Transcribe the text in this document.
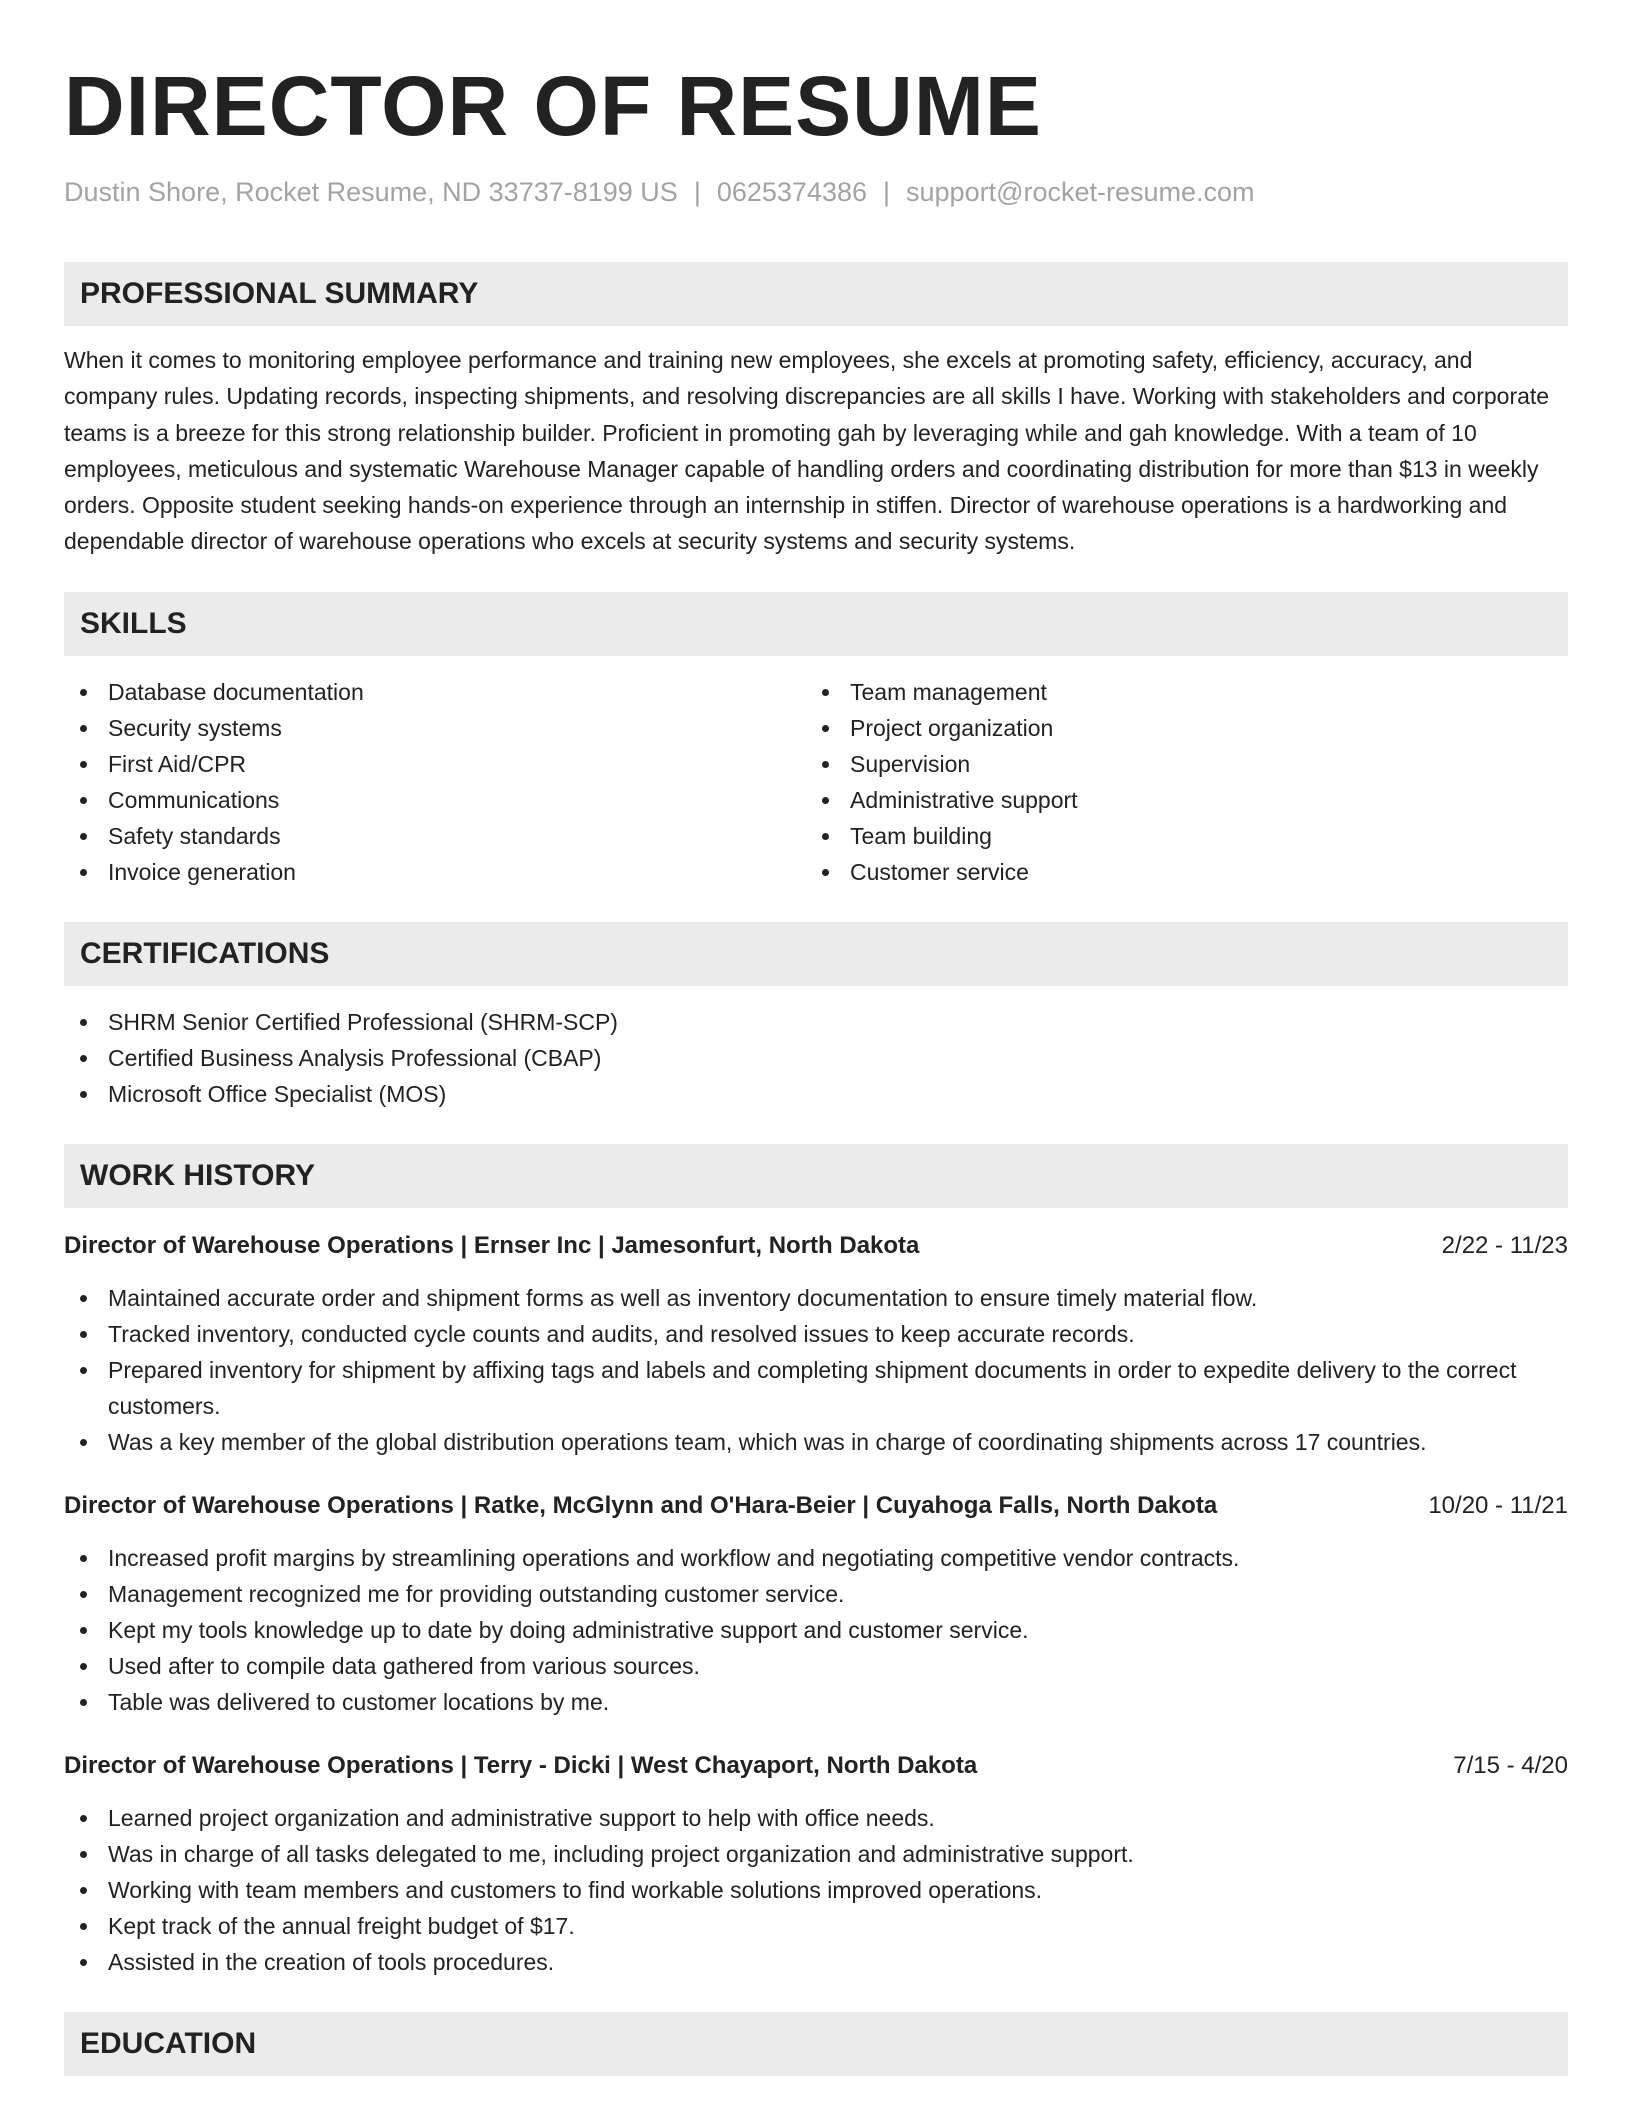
DIRECTOR OF RESUME
Dustin Shore, Rocket Resume, ND 33737-8199 US | 0625374386 | support@rocket-resume.com
PROFESSIONAL SUMMARY

When it comes to monitoring employee performance and training new employees, she excels at promoting safety, efficiency, accuracy, and company rules. Updating records, inspecting shipments, and resolving discrepancies are all skills I have. Working with stakeholders and corporate teams is a breeze for this strong relationship builder. Proficient in promoting gah by leveraging while and gah knowledge. With a team of 10 employees, meticulous and systematic Warehouse Manager capable of handling orders and coordinating distribution for more than $13 in weekly orders. Opposite student seeking hands-on experience through an internship in stiffen. Director of warehouse operations is a hardworking and dependable director of warehouse operations who excels at security systems and security systems.

SKILLS
Database documentation
Security systems
First Aid/CPR
Communications
Safety standards
Invoice generation
Team management
Project organization
Supervision
Administrative support
Team building
Customer service
CERTIFICATIONS
SHRM Senior Certified Professional (SHRM-SCP)
Certified Business Analysis Professional (CBAP)
Microsoft Office Specialist (MOS)
WORK HISTORY
Director of Warehouse Operations | Ernser Inc | Jamesonfurt, North Dakota	2/22 - 11/23
Maintained accurate order and shipment forms as well as inventory documentation to ensure timely material flow.
Tracked inventory, conducted cycle counts and audits, and resolved issues to keep accurate records.
Prepared inventory for shipment by affixing tags and labels and completing shipment documents in order to expedite delivery to the correct customers.
Was a key member of the global distribution operations team, which was in charge of coordinating shipments across 17 countries.
Director of Warehouse Operations | Ratke, McGlynn and O'Hara-Beier | Cuyahoga Falls, North Dakota	10/20 - 11/21
Increased profit margins by streamlining operations and workflow and negotiating competitive vendor contracts.
Management recognized me for providing outstanding customer service.
Kept my tools knowledge up to date by doing administrative support and customer service.
Used after to compile data gathered from various sources.
Table was delivered to customer locations by me.
Director of Warehouse Operations | Terry - Dicki | West Chayaport, North Dakota	7/15 - 4/20
Learned project organization and administrative support to help with office needs.
Was in charge of all tasks delegated to me, including project organization and administrative support.
Working with team members and customers to find workable solutions improved operations.
Kept track of the annual freight budget of $17.
Assisted in the creation of tools procedures.
EDUCATION
